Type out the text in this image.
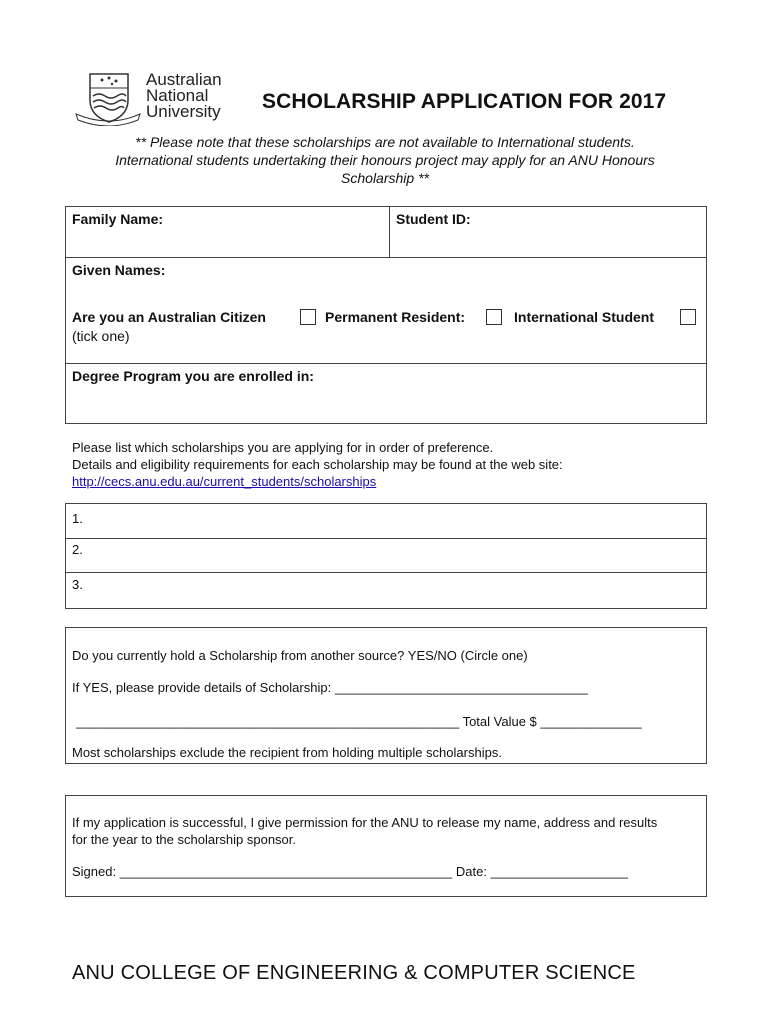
Australian
National
University SCHOLARSHIP APPLICATION FOR 2017
** Please note that these scholarships are not available to International students.
International students undertaking their honours project may apply for an ANU Honours
Scholarship **
Family Name:	Student ID:
Given Names:
Are you an Australian Citizen
(tick one)
Permanent Resident:	International Student
Degree Program you are enrolled in:
Please list which scholarships you are applying for in order of preference.
Details and eligibility requirements for each scholarship may be found at the web site:
http://cecs.anu.edu.au/current_students/scholarships
1.
2.
3.
Do you currently hold a Scholarship from another source? YES/NO (Circle one)
If YES, please provide details of Scholarship: ___________________________________
_____________________________________________________ Total Value $ ______________
Most scholarships exclude the recipient from holding multiple scholarships.
If my application is successful, I give permission for the ANU to release my name, address and results
for the year to the scholarship sponsor.
Signed: ______________________________________________ Date: ___________________
ANU COLLEGE OF ENGINEERING & COMPUTER SCIENCE
